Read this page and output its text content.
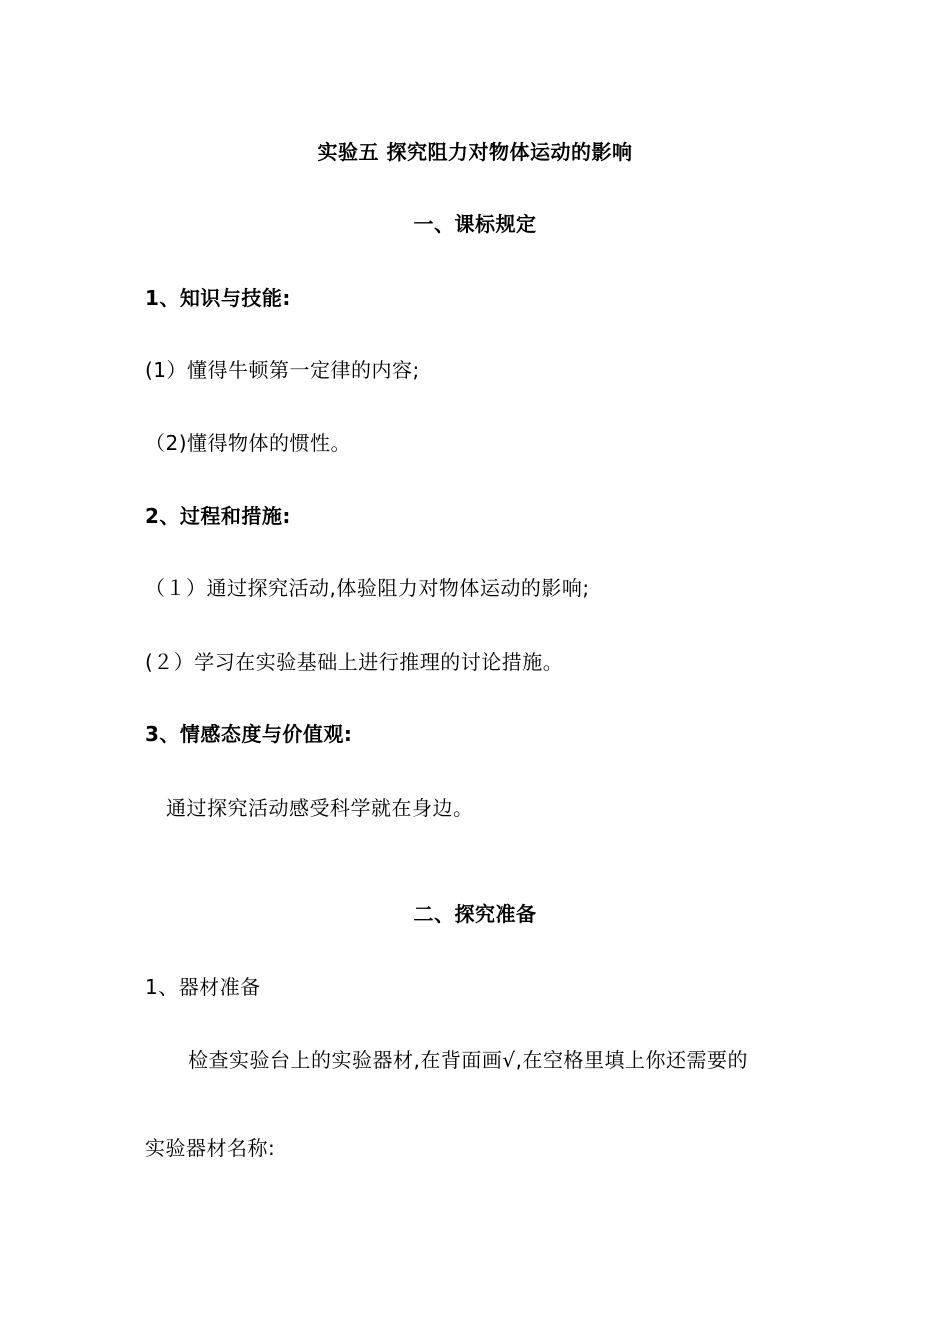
实验五 探究阻力对物体运动的影响
一、课标规定
1、知识与技能:
(1）懂得牛顿第一定律的内容;
（2)懂得物体的惯性。
2、过程和措施:
（１）通过探究活动,体验阻力对物体运动的影响;
(２）学习在实验基础上进行推理的讨论措施。
3、情感态度与价值观:
通过探究活动感受科学就在身边。
二、探究准备
1、器材准备
检查实验台上的实验器材,在背面画√,在空格里填上你还需要的
实验器材名称:
